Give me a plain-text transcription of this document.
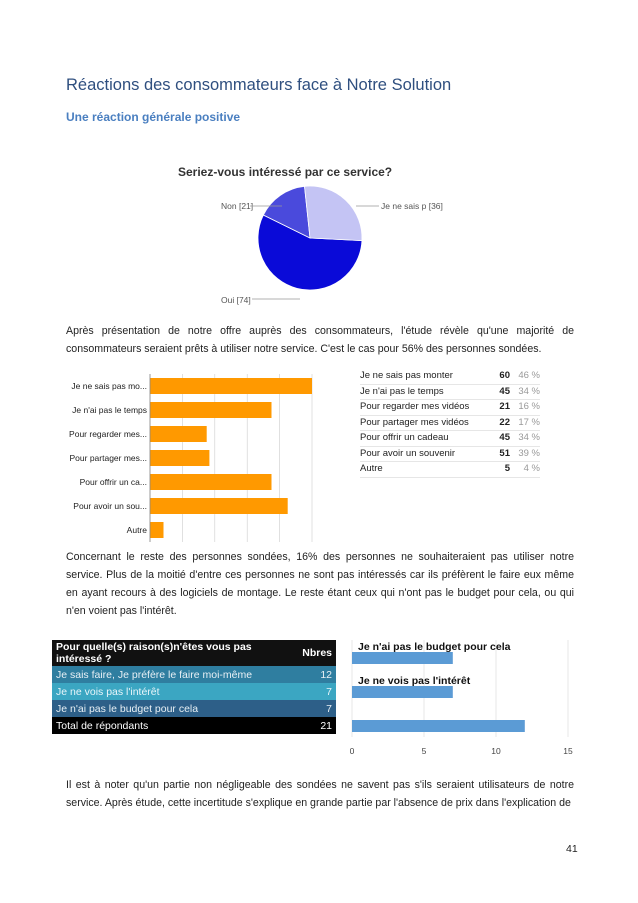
Réactions des consommateurs face à Notre Solution
Une réaction générale positive
Seriez-vous intéressé par ce service?
Non [21]	Je ne sais p [36]
Oui [74]

Après présentation de notre offre auprès des consommateurs, l'étude révèle qu'une majorité de consommateurs seraient prêts à utiliser notre service. C'est le cas pour 56% des personnes sondées.

Je ne sais pas mo...
Je n'ai pas le temps
Pour regarder mes...
Pour partager mes...
Pour offrir un ca...
Pour avoir un sou...
Autre
Je ne sais pas monter	60 46 %
Je n'ai pas le temps	45 34 %
Pour regarder mes vidéos	21 16 %
Pour partager mes vidéos	22 17 %
Pour offrir un cadeau	45 34 %
Pour avoir un souvenir	51 39 %
Autre	5	4 %

Concernant le reste des personnes sondées, 16% des personnes ne souhaiteraient pas utiliser notre service. Plus de la moitié d'entre ces personnes ne sont pas intéressés car ils préfèrent le faire eux même en ayant recours à des logiciels de montage. Le reste étant ceux qui n'ont pas le budget pour cela, ou qui n'en voient pas l'intérêt.

Pour quelle(s) raison(s)n'êtes vous pas intéressé ?	Nbres
Je sais faire, Je préfère le faire moi-même	12
Je ne vois pas l'intérêt	7
Je n'ai pas le budget pour cela	7
Total de répondants	21
0	5	10	15
Je n'ai pas le budget pour cela
Je ne vois pas l'intérêt

Il est à noter qu'un partie non négligeable des sondées ne savent pas s'ils seraient utilisateurs de notre service. Après étude, cette incertitude s'explique en grande partie par l'absence de prix dans l'explication de

41
